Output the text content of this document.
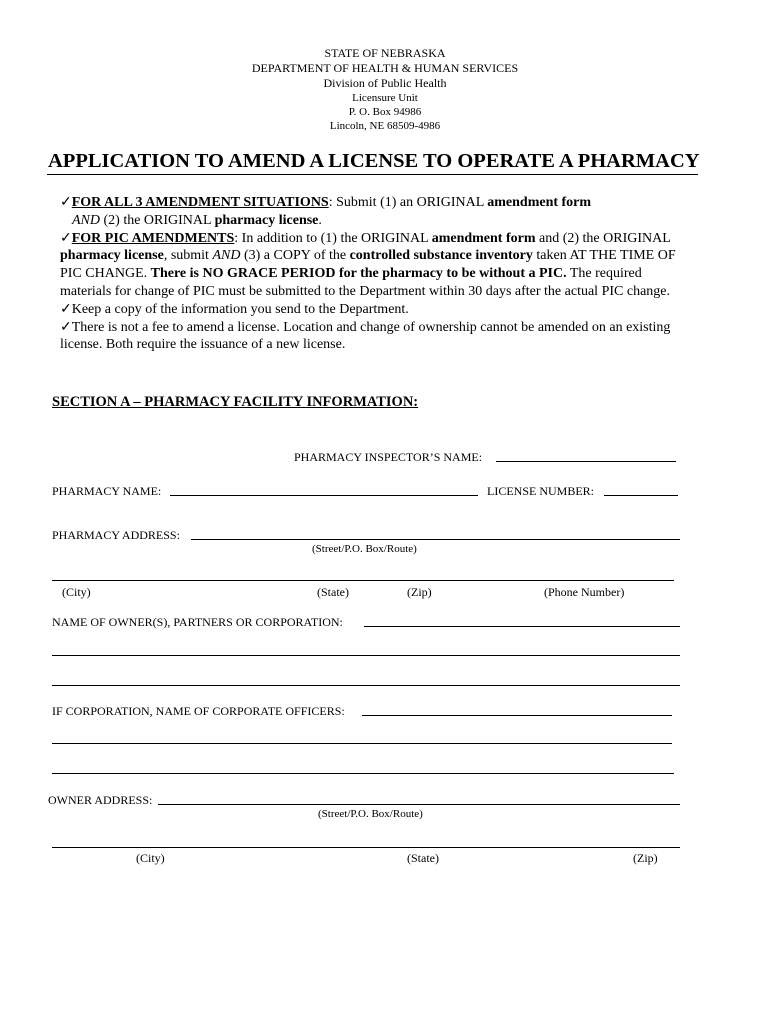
STATE OF NEBRASKA
DEPARTMENT OF HEALTH & HUMAN SERVICES
Division of Public Health
Licensure Unit
P. O. Box 94986
Lincoln, NE 68509-4986
APPLICATION TO AMEND A LICENSE TO OPERATE A PHARMACY
✓FOR ALL 3 AMENDMENT SITUATIONS: Submit (1) an ORIGINAL amendment form
AND (2) the ORIGINAL pharmacy license.
✓FOR PIC AMENDMENTS: In addition to (1) the ORIGINAL amendment form and (2) the ORIGINAL pharmacy license, submit AND (3) a COPY of the controlled substance inventory taken AT THE TIME OF PIC CHANGE. There is NO GRACE PERIOD for the pharmacy to be without a PIC. The required materials for change of PIC must be submitted to the Department within 30 days after the actual PIC change.
✓Keep a copy of the information you send to the Department.
✓There is not a fee to amend a license. Location and change of ownership cannot be amended on an existing license. Both require the issuance of a new license.
SECTION A – PHARMACY FACILITY INFORMATION:
PHARMACY INSPECTOR’S NAME:
PHARMACY NAME:	LICENSE NUMBER:
PHARMACY ADDRESS:
(Street/P.O. Box/Route)
(City)	(State)	(Zip)	(Phone Number)
NAME OF OWNER(S), PARTNERS OR CORPORATION:
IF CORPORATION, NAME OF CORPORATE OFFICERS:
OWNER ADDRESS:
(Street/P.O. Box/Route)
(City)	(State)	(Zip)
